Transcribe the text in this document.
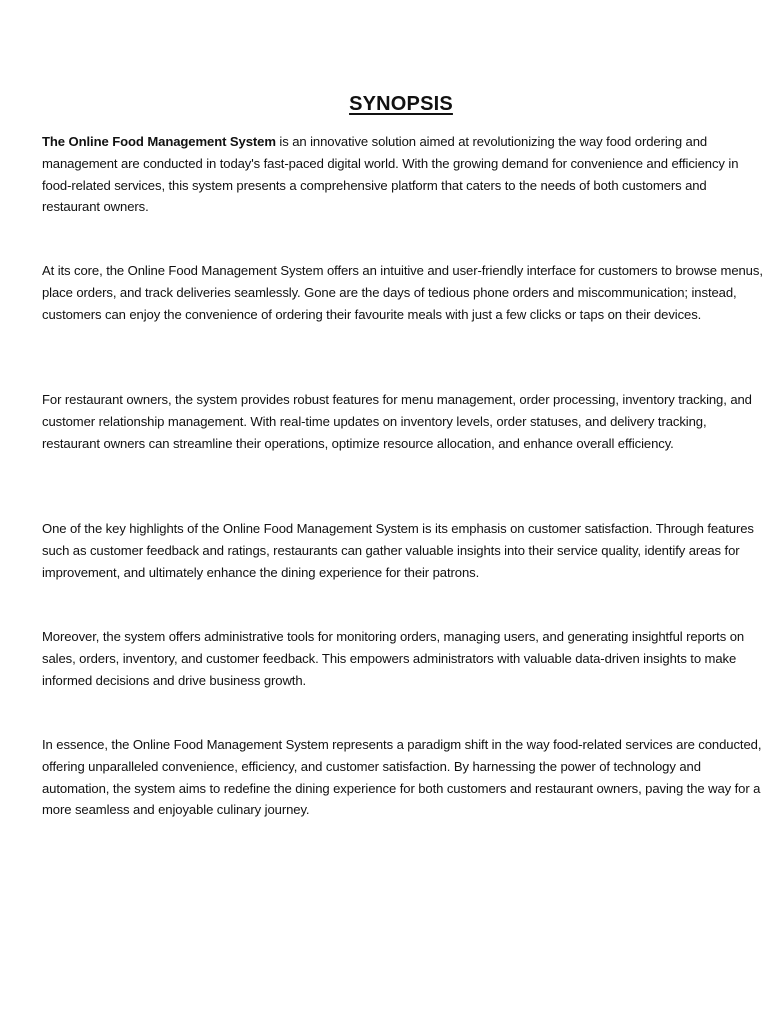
SYNOPSIS

The Online Food Management System is an innovative solution aimed at revolutionizing the way food ordering and management are conducted in today's fast-paced digital world. With the growing demand for convenience and efficiency in food-related services, this system presents a comprehensive platform that caters to the needs of both customers and restaurant owners.

At its core, the Online Food Management System offers an intuitive and user-friendly interface for customers to browse menus, place orders, and track deliveries seamlessly. Gone are the days of tedious phone orders and miscommunication; instead, customers can enjoy the convenience of ordering their favourite meals with just a few clicks or taps on their devices.

For restaurant owners, the system provides robust features for menu management, order processing, inventory tracking, and customer relationship management. With real-time updates on inventory levels, order statuses, and delivery tracking, restaurant owners can streamline their operations, optimize resource allocation, and enhance overall efficiency.

One of the key highlights of the Online Food Management System is its emphasis on customer satisfaction. Through features such as customer feedback and ratings, restaurants can gather valuable insights into their service quality, identify areas for improvement, and ultimately enhance the dining experience for their patrons.

Moreover, the system offers administrative tools for monitoring orders, managing users, and generating insightful reports on sales, orders, inventory, and customer feedback. This empowers administrators with valuable data-driven insights to make informed decisions and drive business growth.

In essence, the Online Food Management System represents a paradigm shift in the way food-related services are conducted, offering unparalleled convenience, efficiency, and customer satisfaction. By harnessing the power of technology and automation, the system aims to redefine the dining experience for both customers and restaurant owners, paving the way for a more seamless and enjoyable culinary journey.
